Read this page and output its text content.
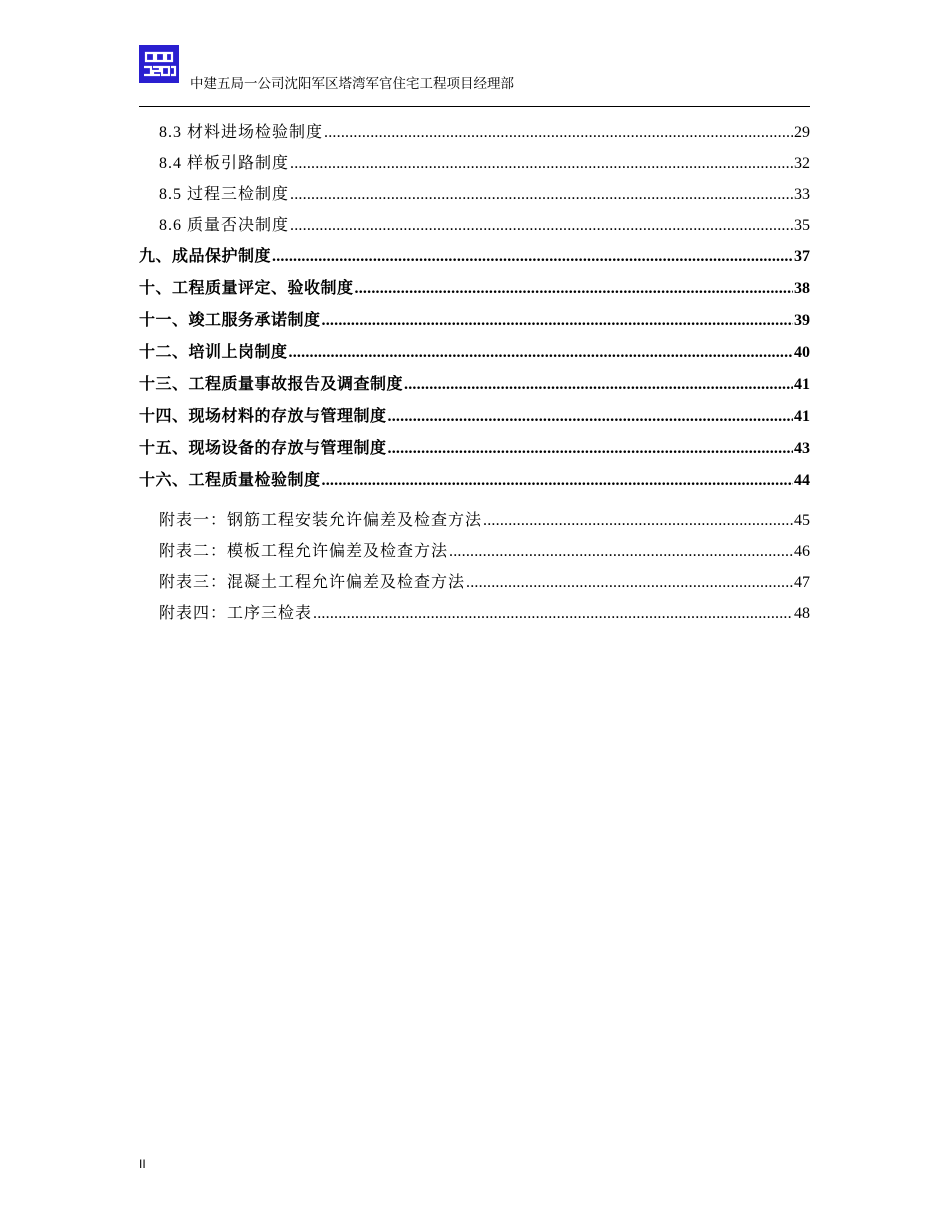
中建五局一公司沈阳军区塔湾军官住宅工程项目经理部
8.3 材料进场检验制度 .....	29
8.4 样板引路制度 .....	32
8.5 过程三检制度 .....	33
8.6 质量否决制度 .....	35
九、成品保护制度 .....	37
十、工程质量评定、验收制度 .....	38
十一、竣工服务承诺制度 .....	39
十二、培训上岗制度 .....	40
十三、工程质量事故报告及调查制度 .....	41
十四、现场材料的存放与管理制度 .....	41
十五、现场设备的存放与管理制度 .....	43
十六、工程质量检验制度 .....	44
附表一：钢筋工程安装允许偏差及检查方法 .....	45
附表二：模板工程允许偏差及检查方法 .....	46
附表三：混凝土工程允许偏差及检查方法 .....	47
附表四：工序三检表 .....	48
II
